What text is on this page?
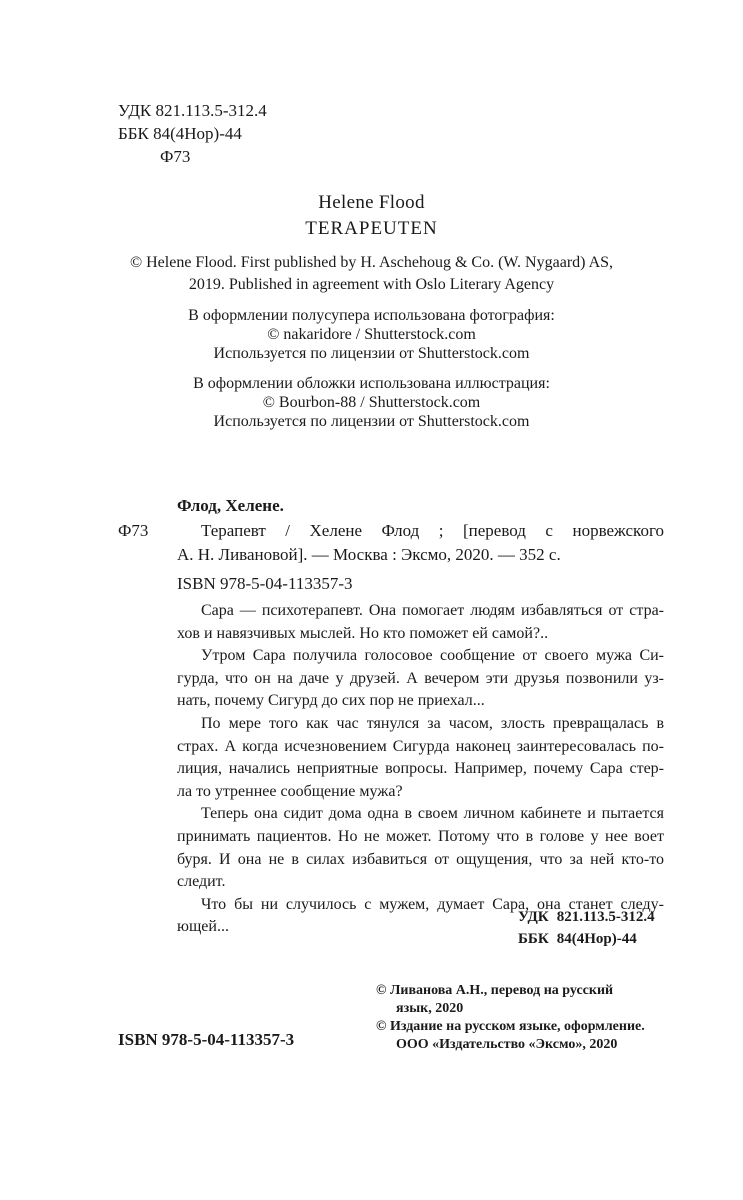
УДК 821.113.5-312.4
ББК 84(4Нор)-44
Ф73
Helene Flood
TERAPEUTEN
© Helene Flood. First published by H. Aschehoug & Co. (W. Nygaard) AS,
2019. Published in agreement with Oslo Literary Agency
В оформлении полусупера использована фотография:
© nakaridore / Shutterstock.com
Используется по лицензии от Shutterstock.com
В оформлении обложки использована иллюстрация:
© Bourbon-88 / Shutterstock.com
Используется по лицензии от Shutterstock.com
Флод, Хелене.
Ф73	Терапевт / Хелене Флод ; [перевод с норвежского
А. Н. Ливановой]. — Москва : Эксмо, 2020. — 352 с.
ISBN 978-5-04-113357-3
Сара — психотерапевт. Она помогает людям избавляться от стра-
хов и навязчивых мыслей. Но кто поможет ей самой?..
Утром Сара получила голосовое сообщение от своего мужа Си-
гурда, что он на даче у друзей. А вечером эти друзья позвонили уз-
нать, почему Сигурд до сих пор не приехал...
По мере того как час тянулся за часом, злость превращалась в
страх. А когда исчезновением Сигурда наконец заинтересовалась по-
лиция, начались неприятные вопросы. Например, почему Сара стер-
ла то утреннее сообщение мужа?
Теперь она сидит дома одна в своем личном кабинете и пытается
принимать пациентов. Но не может. Потому что в голове у нее воет
буря. И она не в силах избавиться от ощущения, что за ней кто-то
следит.
Что бы ни случилось с мужем, думает Сара, она станет следу-
ющей...
УДК 821.113.5-312.4
ББК 84(4Нор)-44
© Ливанова А.Н., перевод на русский
язык, 2020
© Издание на русском языке, оформление.
ООО «Издательство «Эксмо», 2020
ISBN 978-5-04-113357-3
